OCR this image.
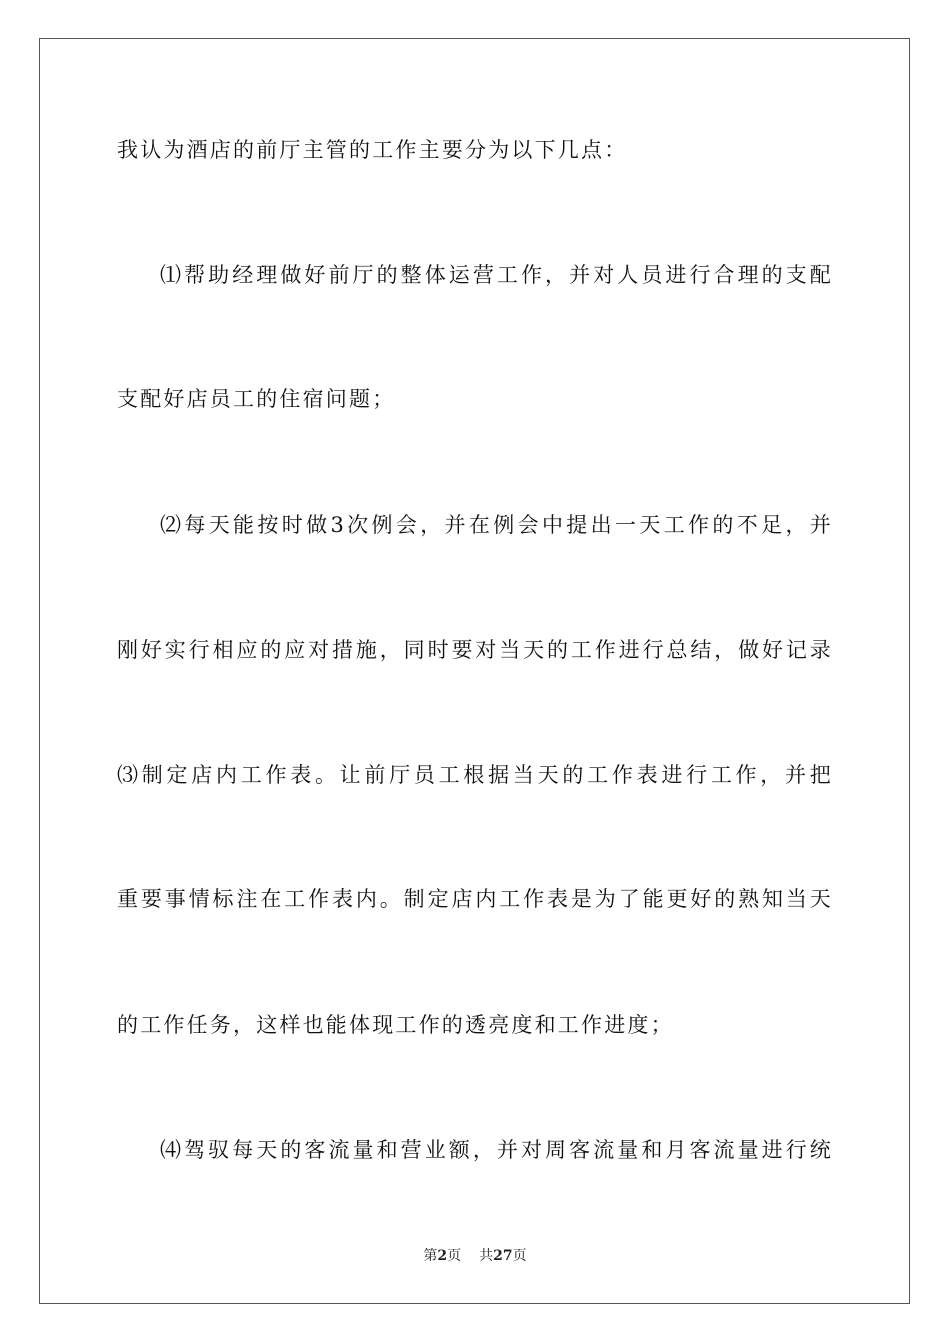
我认为酒店的前厅主管的工作主要分为以下几点：
⑴帮助经理做好前厅的整体运营工作，并对人员进行合理的支配
支配好店员工的住宿问题；
⑵每天能按时做3次例会，并在例会中提出一天工作的不足，并
刚好实行相应的应对措施，同时要对当天的工作进行总结，做好记录
⑶制定店内工作表。让前厅员工根据当天的工作表进行工作，并把
重要事情标注在工作表内。制定店内工作表是为了能更好的熟知当天
的工作任务，这样也能体现工作的透亮度和工作进度；
⑷驾驭每天的客流量和营业额，并对周客流量和月客流量进行统
第2页 共27页
